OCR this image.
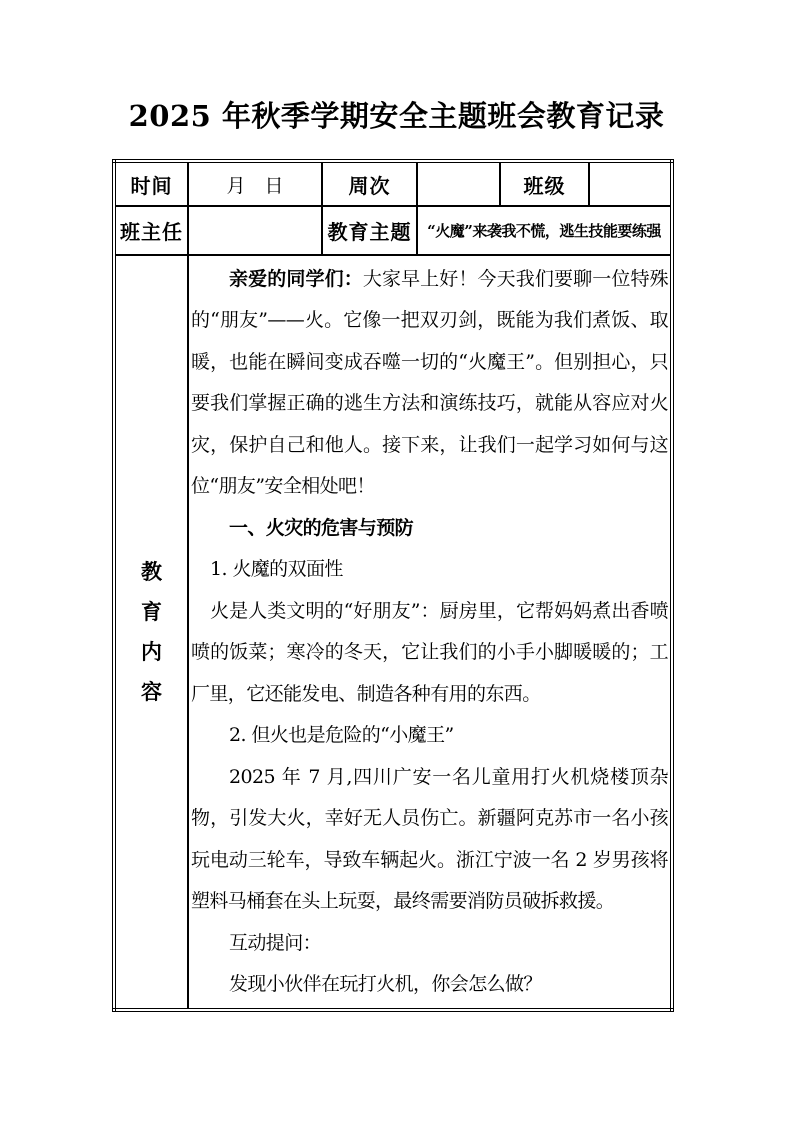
2025 年秋季学期安全主题班会教育记录
时间	月　日	周次		班级	
班主任		教育主题	“火魔”来袭我不慌，逃生技能要练强		

教
育
内
容

亲爱的同学们：大家早上好！今天我们要聊一位特殊的“朋友”——火。它像一把双刃剑，既能为我们煮饭、取暖，也能在瞬间变成吞噬一切的“火魔王”。但别担心，只要我们掌握正确的逃生方法和演练技巧，就能从容应对火灾，保护自己和他人。接下来，让我们一起学习如何与这位“朋友”安全相处吧！

一、火灾的危害与预防

1. 火魔的双面性

火是人类文明的“好朋友”：厨房里，它帮妈妈煮出香喷喷的饭菜；寒冷的冬天，它让我们的小手小脚暖暖的；工厂里，它还能发电、制造各种有用的东西。

2. 但火也是危险的“小魔王”

2025 年 7 月,四川广安一名儿童用打火机烧楼顶杂物，引发大火，幸好无人员伤亡。新疆阿克苏市一名小孩玩电动三轮车，导致车辆起火。浙江宁波一名 2 岁男孩将塑料马桶套在头上玩耍，最终需要消防员破拆救援。

互动提问：

发现小伙伴在玩打火机，你会怎么做？
